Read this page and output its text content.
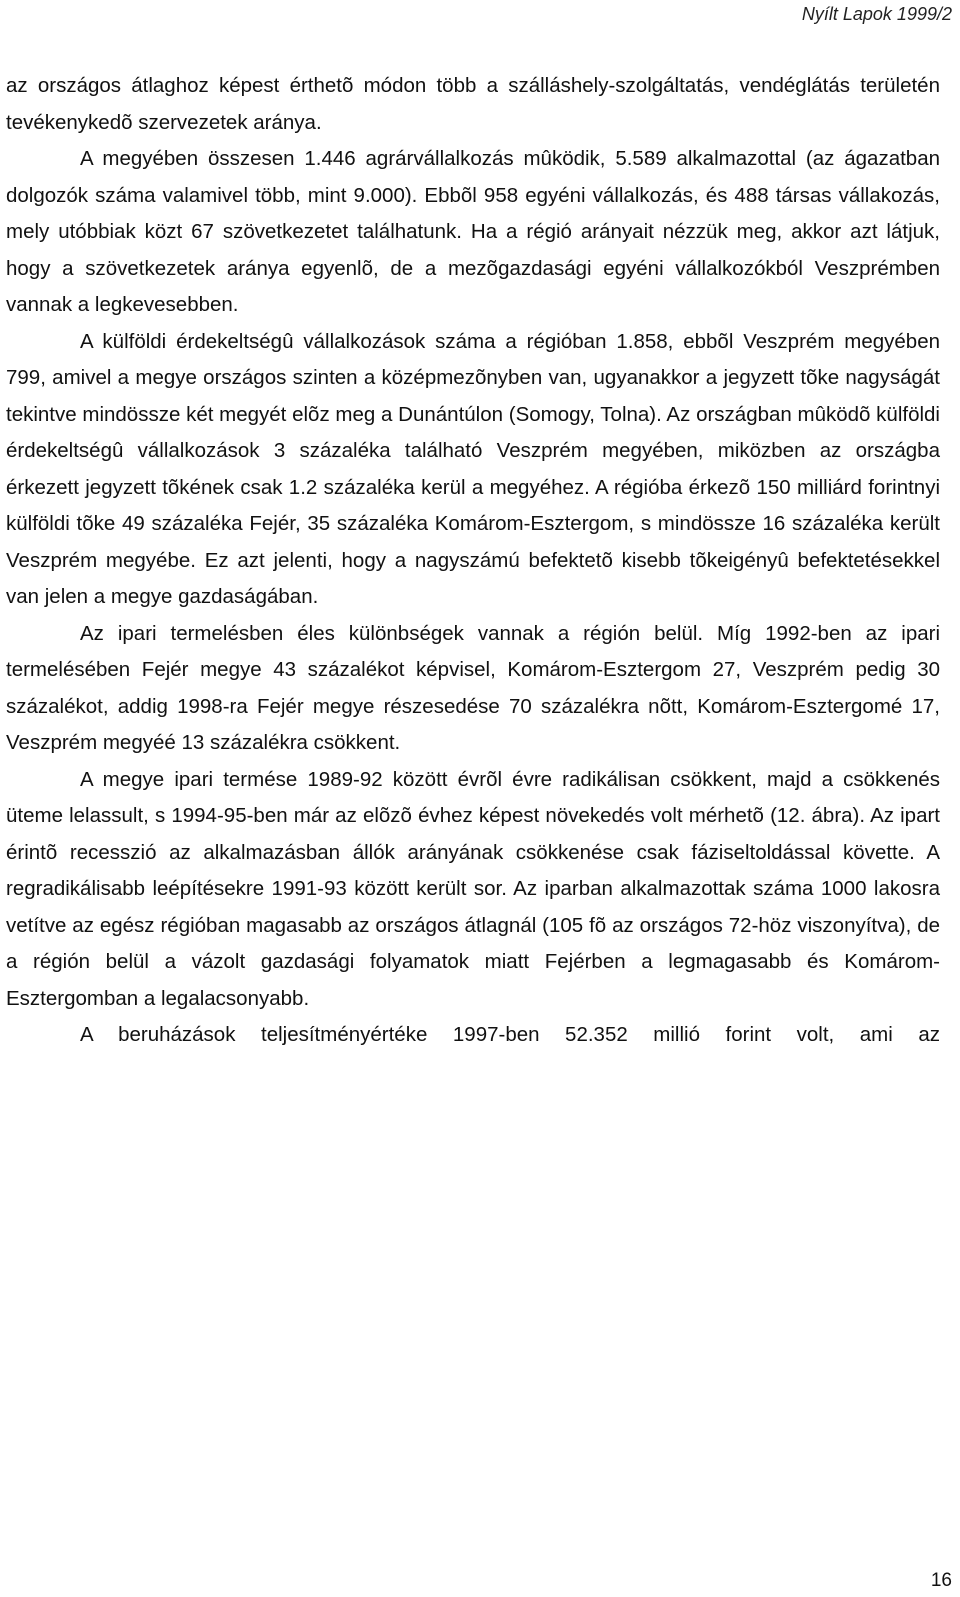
Nyílt Lapok 1999/2

az országos átlaghoz képest érthetõ módon több a szálláshely-szolgáltatás, vendéglátás területén tevékenykedõ szervezetek aránya.

A megyében összesen 1.446 agrárvállalkozás mûködik, 5.589 alkalmazottal (az ágazatban dolgozók száma valamivel több, mint 9.000). Ebbõl 958 egyéni vállalkozás, és 488 társas vállakozás, mely utóbbiak közt 67 szövetkezetet találhatunk. Ha a régió arányait nézzük meg, akkor azt látjuk, hogy a szövetkezetek aránya egyenlõ, de a mezõgazdasági egyéni vállalkozókból Veszprémben vannak a legkevesebben.

A külföldi érdekeltségû vállalkozások száma a régióban 1.858, ebbõl Veszprém megyében 799, amivel a megye országos szinten a középmezõnyben van, ugyanakkor a jegyzett tõke nagyságát tekintve mindössze két megyét elõz meg a Dunántúlon (Somogy, Tolna). Az országban mûködõ külföldi érdekeltségû vállalkozások 3 százaléka található Veszprém megyében, miközben az országba érkezett jegyzett tõkének csak 1.2 százaléka kerül a megyéhez. A régióba érkezõ 150 milliárd forintnyi külföldi tõke 49 százaléka Fejér, 35 százaléka Komárom-Esztergom, s mindössze 16 százaléka került Veszprém megyébe. Ez azt jelenti, hogy a nagyszámú befektetõ kisebb tõkeigényû befektetésekkel van jelen a megye gazdaságában.

Az ipari termelésben éles különbségek vannak a régión belül. Míg 1992-ben az ipari termelésében Fejér megye 43 százalékot képvisel, Komárom-Esztergom 27, Veszprém pedig 30 százalékot, addig 1998-ra Fejér megye részesedése 70 százalékra nõtt, Komárom-Esztergomé 17, Veszprém megyéé 13 százalékra csökkent.

A megye ipari termése 1989-92 között évrõl évre radikálisan csökkent, majd a csökkenés üteme lelassult, s 1994-95-ben már az elõzõ évhez képest növekedés volt mérhetõ (12. ábra). Az ipart érintõ recesszió az alkalmazásban állók arányának csökkenése csak fáziseltoldással követte. A regradikálisabb leépítésekre 1991-93 között került sor. Az iparban alkalmazottak száma 1000 lakosra vetítve az egész régióban magasabb az országos átlagnál (105 fõ az országos 72-höz viszonyítva), de a régión belül a vázolt gazdasági folyamatok miatt Fejérben a legmagasabb és Komárom-Esztergomban a legalacsonyabb.

A beruházások teljesítményértéke 1997-ben 52.352 millió forint volt, ami az

16
